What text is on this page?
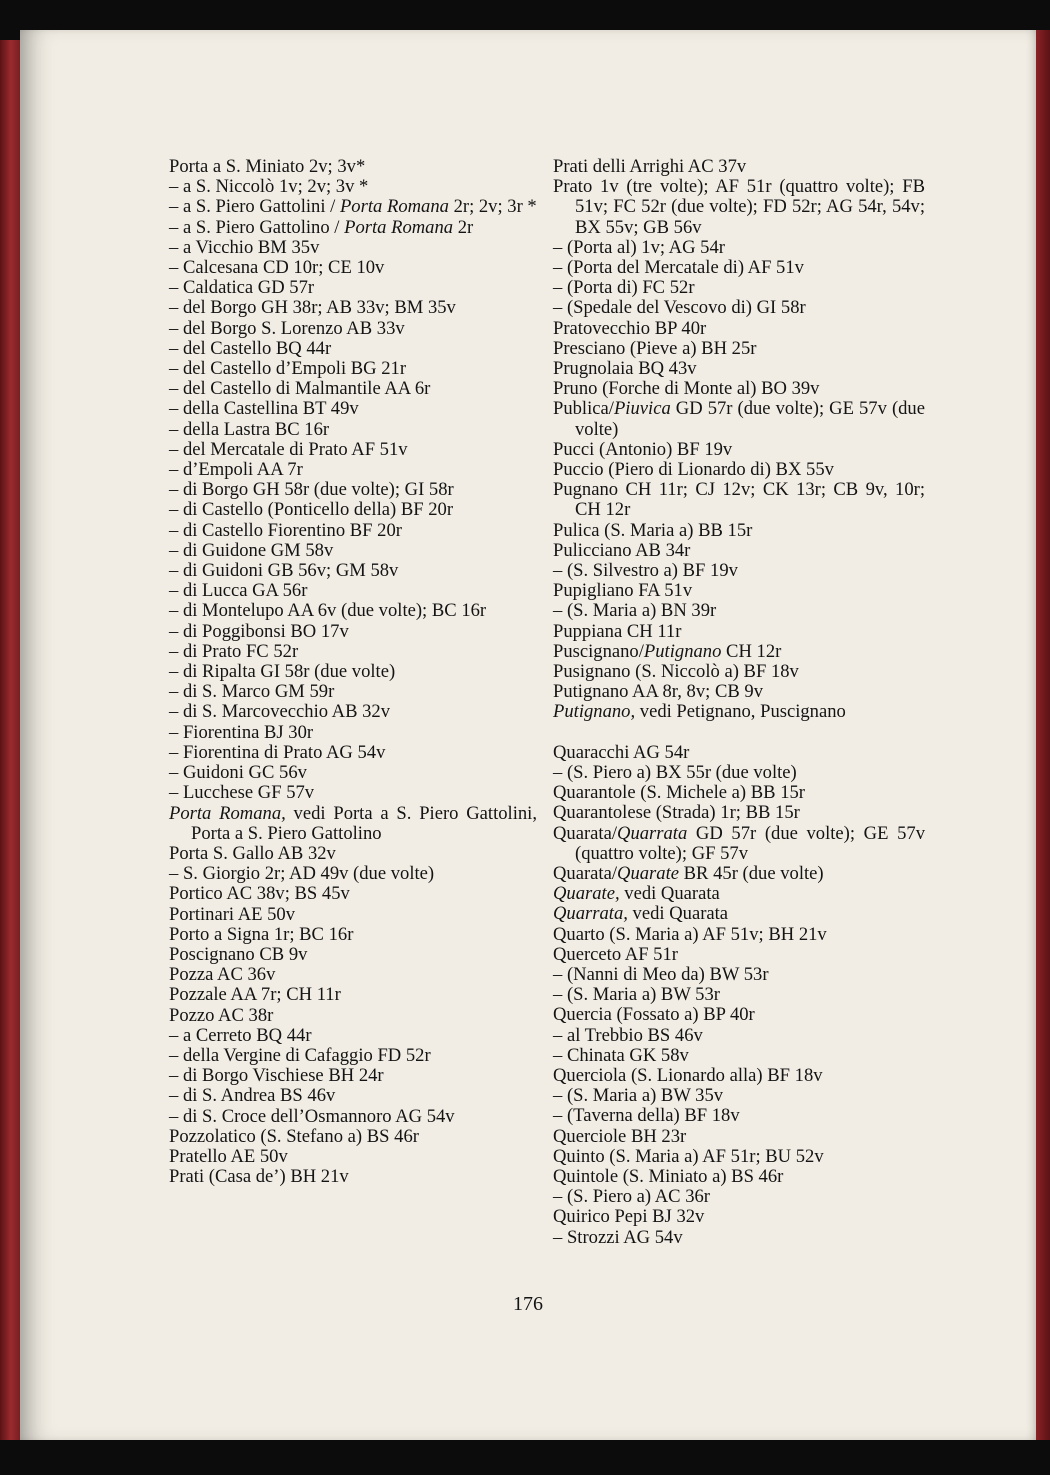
Porta a S. Miniato 2v; 3v*
– a S. Niccolò 1v; 2v; 3v *
– a S. Piero Gattolini / Porta Romana 2r; 2v; 3r *
– a S. Piero Gattolino / Porta Romana 2r
– a Vicchio BM 35v
– Calcesana CD 10r; CE 10v
– Caldatica GD 57r
– del Borgo GH 38r; AB 33v; BM 35v
– del Borgo S. Lorenzo AB 33v
– del Castello BQ 44r
– del Castello d’Empoli BG 21r
– del Castello di Malmantile AA 6r
– della Castellina BT 49v
– della Lastra BC 16r
– del Mercatale di Prato AF 51v
– d’Empoli AA 7r
– di Borgo GH 58r (due volte); GI 58r
– di Castello (Ponticello della) BF 20r
– di Castello Fiorentino BF 20r
– di Guidone GM 58v
– di Guidoni GB 56v; GM 58v
– di Lucca GA 56r
– di Montelupo AA 6v (due volte); BC 16r
– di Poggibonsi BO 17v
– di Prato FC 52r
– di Ripalta GI 58r (due volte)
– di S. Marco GM 59r
– di S. Marcovecchio AB 32v
– Fiorentina BJ 30r
– Fiorentina di Prato AG 54v
– Guidoni GC 56v
– Lucchese GF 57v
Porta Romana, vedi Porta a S. Piero Gattolini, Porta a S. Piero Gattolino
Porta S. Gallo AB 32v
– S. Giorgio 2r; AD 49v (due volte)
Portico AC 38v; BS 45v
Portinari AE 50v
Porto a Signa 1r; BC 16r
Poscignano CB 9v
Pozza AC 36v
Pozzale AA 7r; CH 11r
Pozzo AC 38r
– a Cerreto BQ 44r
– della Vergine di Cafaggio FD 52r
– di Borgo Vischiese BH 24r
– di S. Andrea BS 46v
– di S. Croce dell’Osmannoro AG 54v
Pozzolatico (S. Stefano a) BS 46r
Pratello AE 50v
Prati (Casa de’) BH 21v
Prati delli Arrighi AC 37v
Prato 1v (tre volte); AF 51r (quattro volte); FB 51v; FC 52r (due volte); FD 52r; AG 54r, 54v; BX 55v; GB 56v
– (Porta al) 1v; AG 54r
– (Porta del Mercatale di) AF 51v
– (Porta di) FC 52r
– (Spedale del Vescovo di) GI 58r
Pratovecchio BP 40r
Presciano (Pieve a) BH 25r
Prugnolaia BQ 43v
Pruno (Forche di Monte al) BO 39v
Publica/Piuvica GD 57r (due volte); GE 57v (due volte)
Pucci (Antonio) BF 19v
Puccio (Piero di Lionardo di) BX 55v
Pugnano CH 11r; CJ 12v; CK 13r; CB 9v, 10r; CH 12r
Pulica (S. Maria a) BB 15r
Pulicciano AB 34r
– (S. Silvestro a) BF 19v
Pupigliano FA 51v
– (S. Maria a) BN 39r
Puppiana CH 11r
Puscignano/Putignano CH 12r
Pusignano (S. Niccolò a) BF 18v
Putignano AA 8r, 8v; CB 9v
Putignano, vedi Petignano, Puscignano
Quaracchi AG 54r
– (S. Piero a) BX 55r (due volte)
Quarantole (S. Michele a) BB 15r
Quarantolese (Strada) 1r; BB 15r
Quarata/Quarrata GD 57r (due volte); GE 57v (quattro volte); GF 57v
Quarata/Quarate BR 45r (due volte)
Quarate, vedi Quarata
Quarrata, vedi Quarata
Quarto (S. Maria a) AF 51v; BH 21v
Querceto AF 51r
– (Nanni di Meo da) BW 53r
– (S. Maria a) BW 53r
Quercia (Fossato a) BP 40r
– al Trebbio BS 46v
– Chinata GK 58v
Querciola (S. Lionardo alla) BF 18v
– (S. Maria a) BW 35v
– (Taverna della) BF 18v
Querciole BH 23r
Quinto (S. Maria a) AF 51r; BU 52v
Quintole (S. Miniato a) BS 46r
– (S. Piero a) AC 36r
Quirico Pepi BJ 32v
– Strozzi AG 54v
176
